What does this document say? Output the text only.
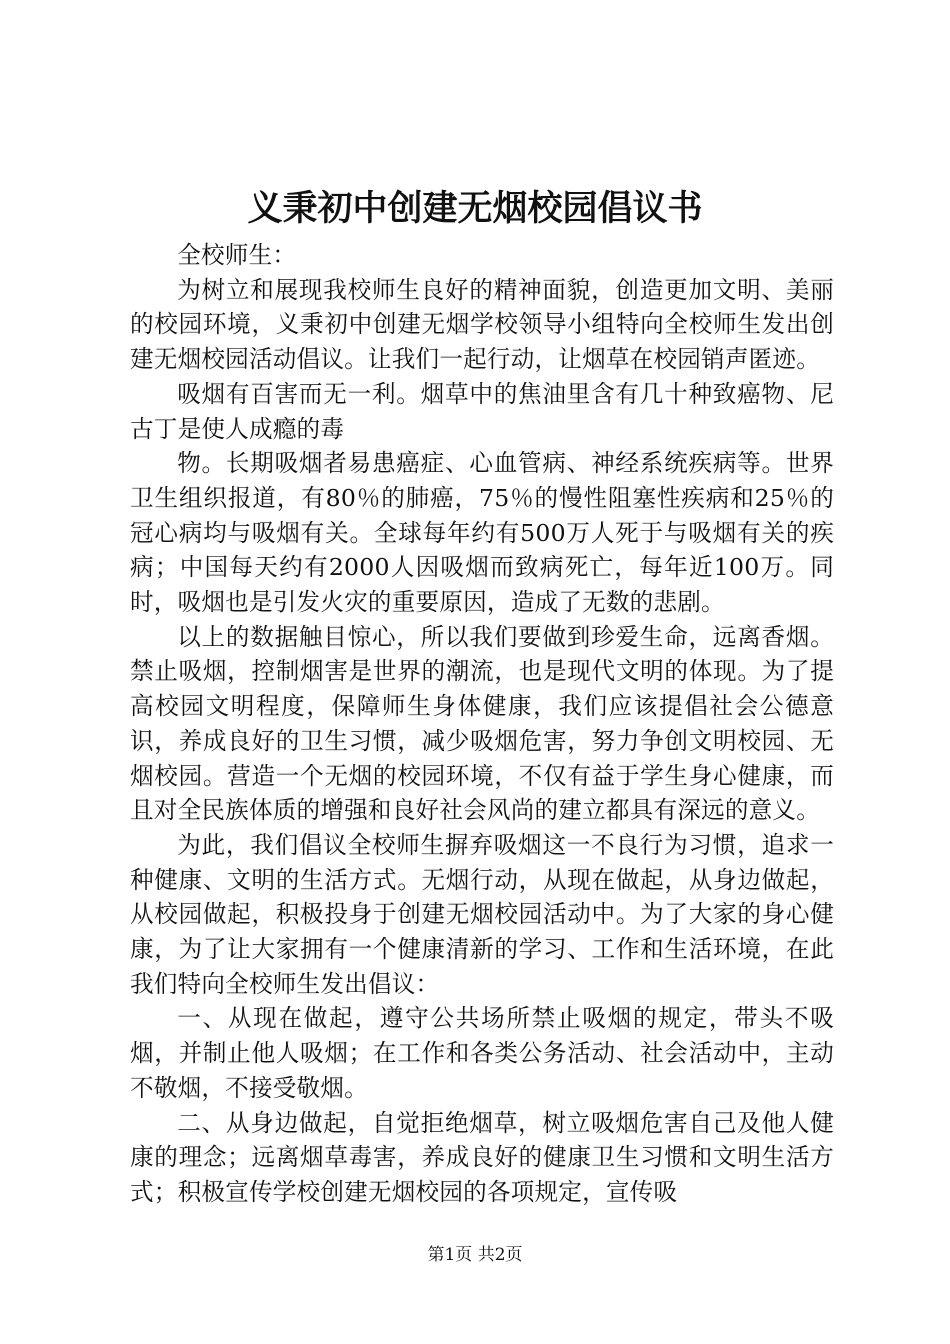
义秉初中创建无烟校园倡议书

全校师生：

为树立和展现我校师生良好的精神面貌，创造更加文明、美丽的校园环境，义秉初中创建无烟学校领导小组特向全校师生发出创建无烟校园活动倡议。让我们一起行动，让烟草在校园销声匿迹。

吸烟有百害而无一利。烟草中的焦油里含有几十种致癌物、尼古丁是使人成瘾的毒

物。长期吸烟者易患癌症、心血管病、神经系统疾病等。世界卫生组织报道，有80％的肺癌，75％的慢性阻塞性疾病和25％的冠心病均与吸烟有关。全球每年约有500万人死于与吸烟有关的疾病；中国每天约有2000人因吸烟而致病死亡，每年近100万。同时，吸烟也是引发火灾的重要原因，造成了无数的悲剧。

以上的数据触目惊心，所以我们要做到珍爱生命，远离香烟。禁止吸烟，控制烟害是世界的潮流，也是现代文明的体现。为了提高校园文明程度，保障师生身体健康，我们应该提倡社会公德意识，养成良好的卫生习惯，减少吸烟危害，努力争创文明校园、无烟校园。营造一个无烟的校园环境，不仅有益于学生身心健康，而且对全民族体质的增强和良好社会风尚的建立都具有深远的意义。

为此，我们倡议全校师生摒弃吸烟这一不良行为习惯，追求一种健康、文明的生活方式。无烟行动，从现在做起，从身边做起，从校园做起，积极投身于创建无烟校园活动中。为了大家的身心健康，为了让大家拥有一个健康清新的学习、工作和生活环境，在此我们特向全校师生发出倡议：

一、从现在做起，遵守公共场所禁止吸烟的规定，带头不吸烟，并制止他人吸烟；在工作和各类公务活动、社会活动中，主动不敬烟，不接受敬烟。

二、从身边做起，自觉拒绝烟草，树立吸烟危害自己及他人健康的理念；远离烟草毒害，养成良好的健康卫生习惯和文明生活方式；积极宣传学校创建无烟校园的各项规定，宣传吸

第1页 共2页
